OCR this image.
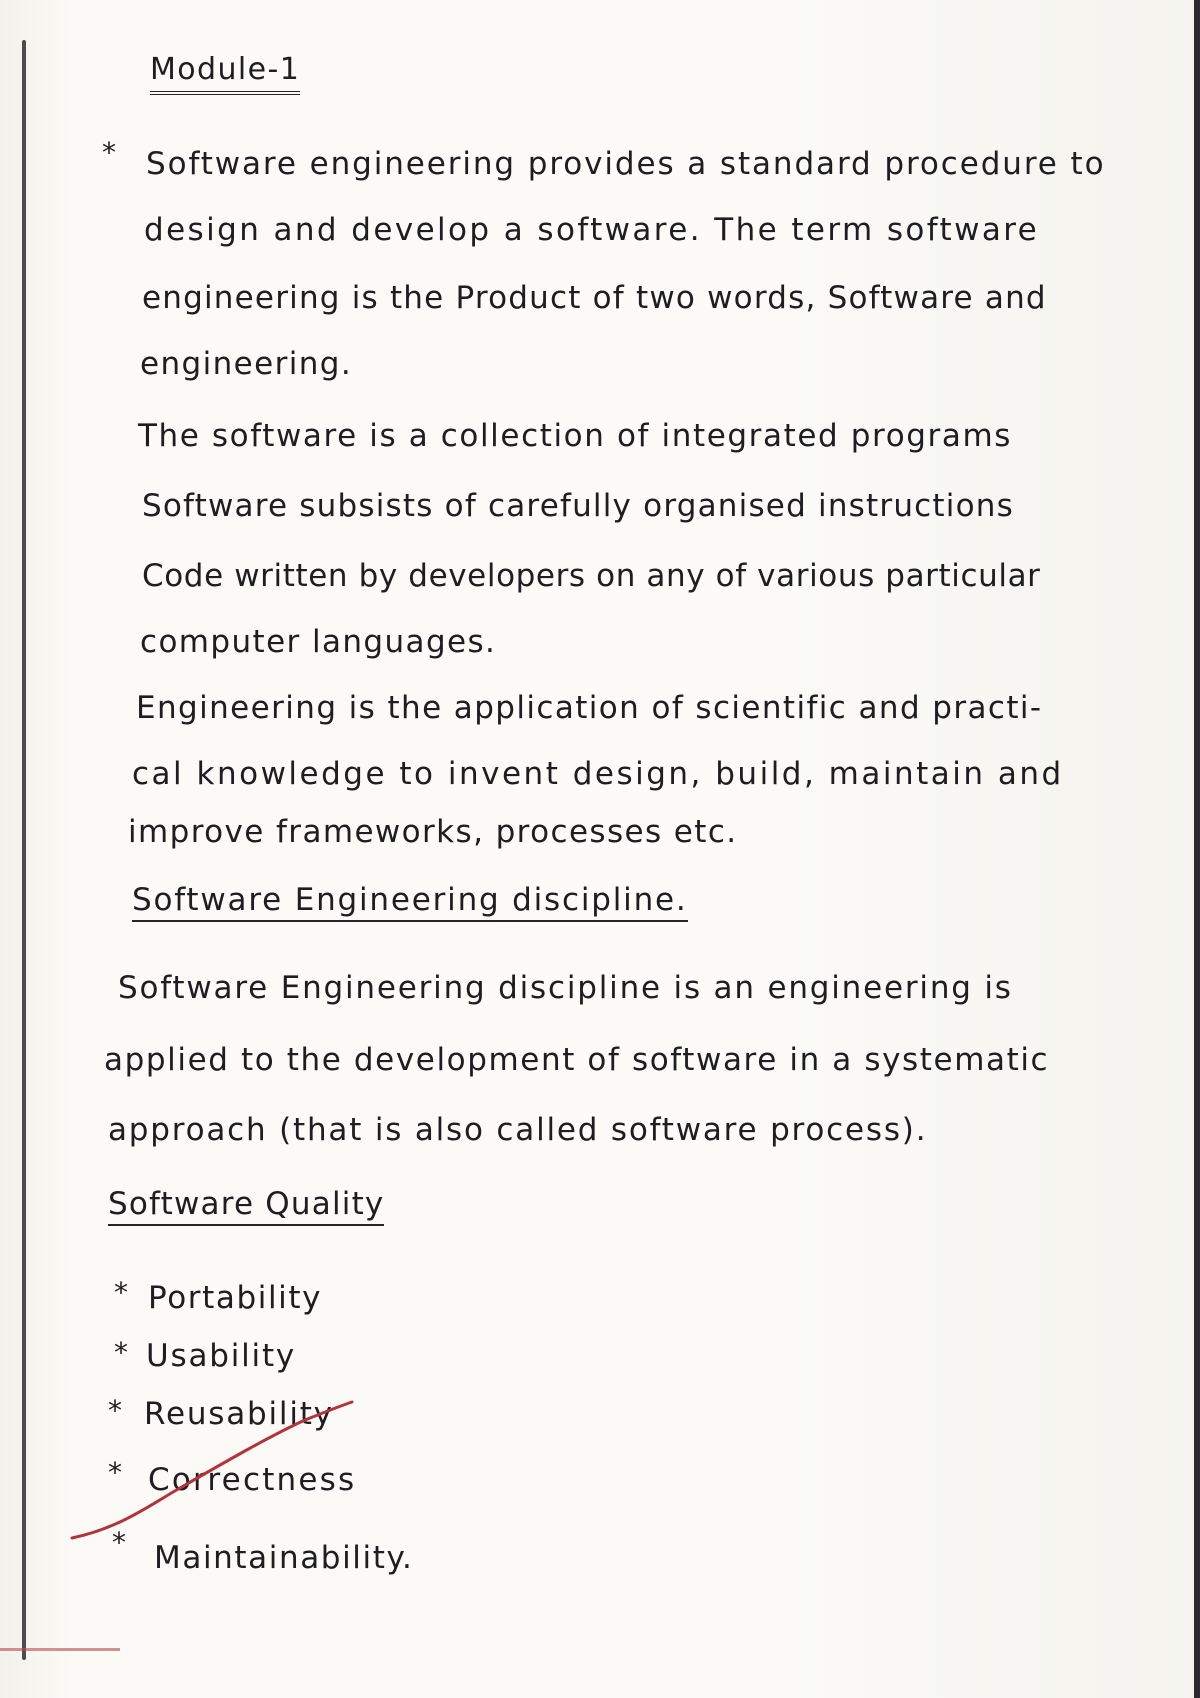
Module-1
* Software engineering provides a standard procedure to
design and develop a software. The term software
engineering is the Product of two words, Software and
engineering.
The software is a collection of integrated programs
Software subsists of carefully organised instructions
Code written by developers on any of various particular
computer languages.
Engineering is the application of scientific and practi-
cal knowledge to invent design, build, maintain and
improve frameworks, processes etc.
Software Engineering discipline.
Software Engineering discipline is an engineering is
applied to the development of software in a systematic
approach (that is also called software process).
Software Quality
* Portability
* Usability
* Reusability
* Correctness
* Maintainability.
